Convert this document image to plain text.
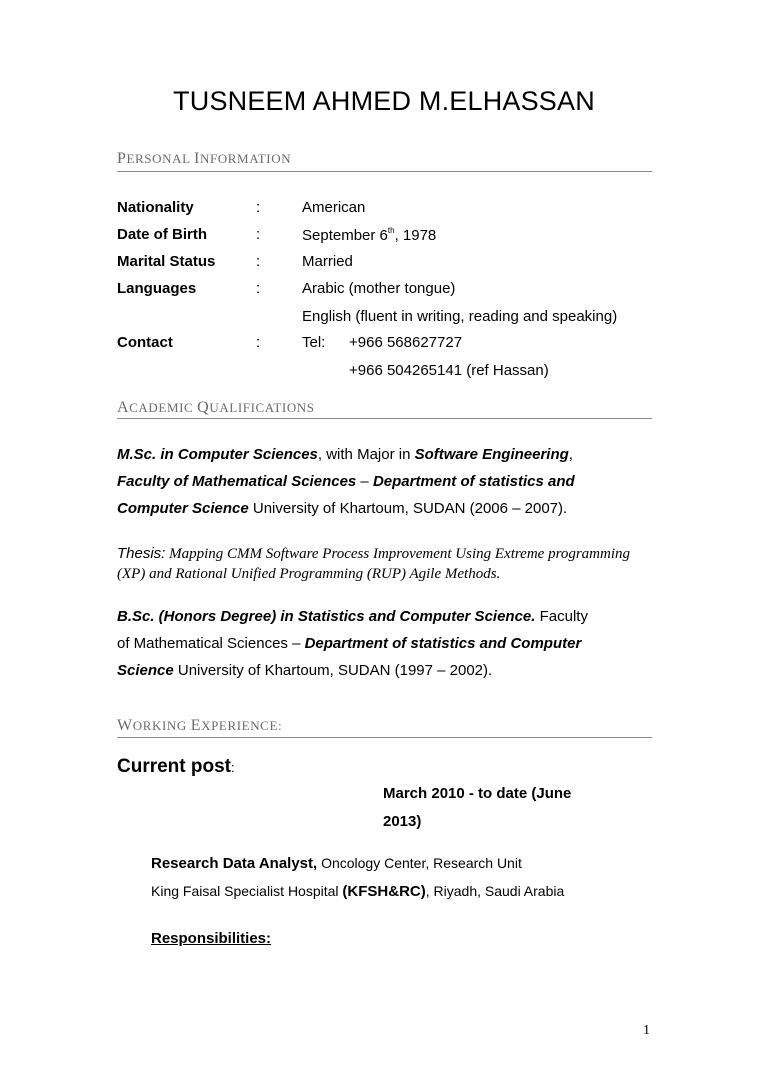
TUSNEEM AHMED M.ELHASSAN
PERSONAL INFORMATION
Nationality	:	American
Date of Birth	:	September 6th, 1978
Marital Status	:	Married
Languages	:	Arabic (mother tongue)
English (fluent in writing, reading and speaking)
Contact	:	Tel: +966 568627727
+966 504265141 (ref Hassan)
ACADEMIC QUALIFICATIONS
M.Sc. in Computer Sciences, with Major in Software Engineering,
Faculty of Mathematical Sciences – Department of statistics and
Computer Science University of Khartoum, SUDAN (2006 – 2007).
Thesis: Mapping CMM Software Process Improvement Using Extreme programming
(XP) and Rational Unified Programming (RUP) Agile Methods.
B.Sc. (Honors Degree) in Statistics and Computer Science. Faculty
of Mathematical Sciences – Department of statistics and Computer
Science University of Khartoum, SUDAN (1997 – 2002).
WORKING EXPERIENCE:
Current post:
March 2010 - to date (June
2013)
Research Data Analyst, Oncology Center, Research Unit
King Faisal Specialist Hospital (KFSH&RC), Riyadh, Saudi Arabia
Responsibilities:
1
